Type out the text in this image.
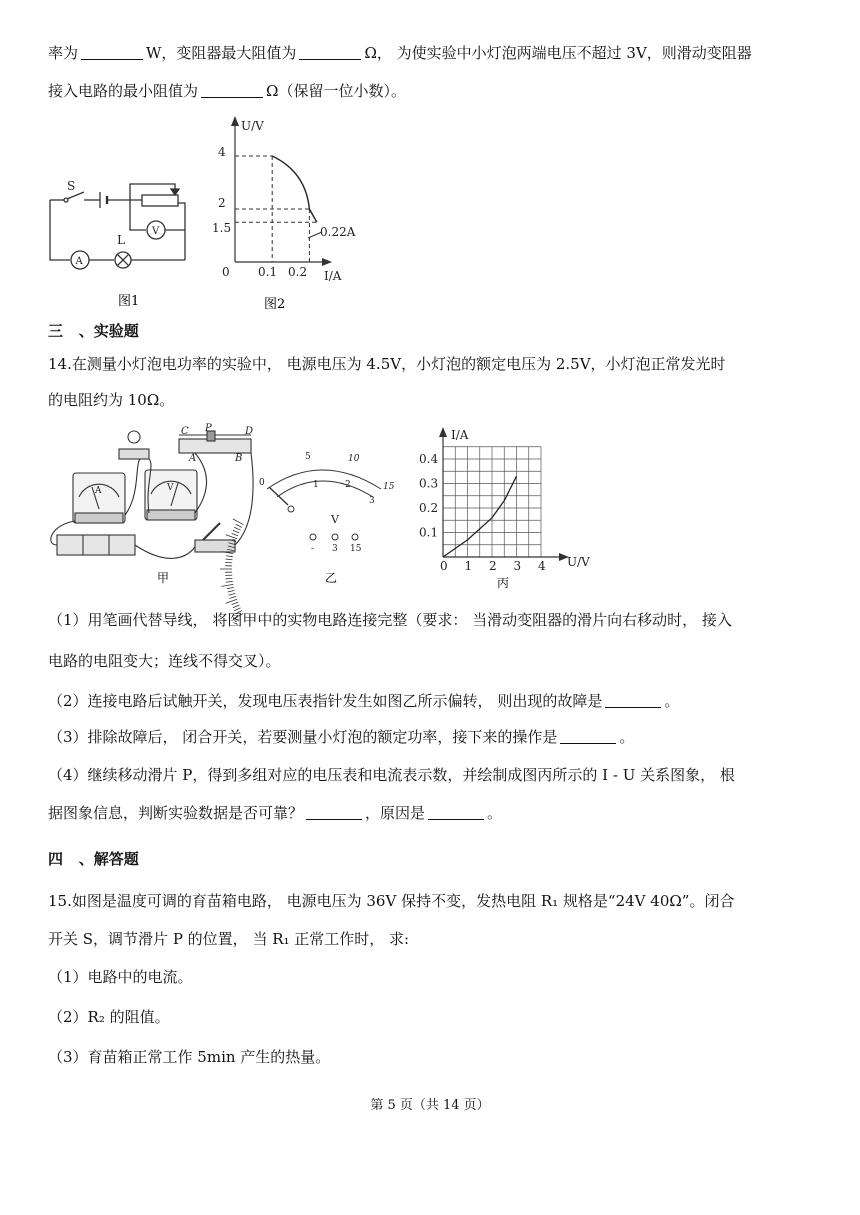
率为	W，变阻器最大阻值为	Ω， 为使实验中小灯泡两端电压不超过 3V，则滑动变阻器
接入电路的最小阻值为	Ω（保留一位小数）。
S
L
A
V
图1
U/V
I/A
0 0.1 0.2
1.5
2
4
0.22A
图2
三 、实验题
14.在测量小灯泡电功率的实验中， 电源电压为 4.5V，小灯泡的额定电压为 2.5V，小灯泡正常发光时
的电阻约为 10Ω。
C P	D
A	B
A	V
甲
0
5	10
15
1	2
3
V
- 3 15
乙
I/A
U/V
0 1 2 3 4
0.1
0.2
0.3
0.4
丙
（1）用笔画代替导线， 将图甲中的实物电路连接完整（要求： 当滑动变阻器的滑片向右移动时， 接入
电路的电阻变大；连线不得交叉）。
（2）连接电路后试触开关，发现电压表指针发生如图乙所示偏转， 则出现的故障是	。
（3）排除故障后， 闭合开关，若要测量小灯泡的额定功率，接下来的操作是	。
（4）继续移动滑片 P，得到多组对应的电压表和电流表示数，并绘制成图丙所示的 I - U 关系图象， 根
据图象信息，判断实验数据是否可靠？	，原因是	。
四 、解答题
15.如图是温度可调的育苗箱电路， 电源电压为 36V 保持不变，发热电阻 R₁ 规格是“24V 40Ω”。闭合
开关 S，调节滑片 P 的位置， 当 R₁ 正常工作时， 求:
（1）电路中的电流。
（2）R₂ 的阻值。
（3）育苗箱正常工作 5min 产生的热量。
第 5 页（共 14 页）
